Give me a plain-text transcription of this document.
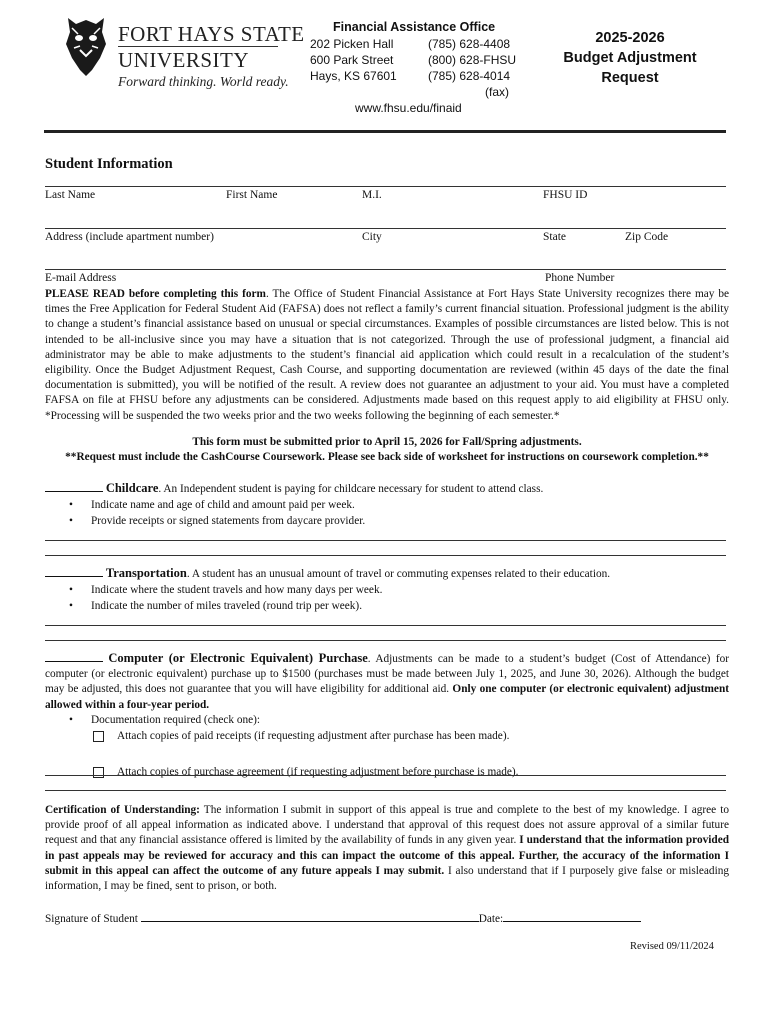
FORT HAYS STATE
UNIVERSITY
Forward thinking. World ready.
Financial Assistance Office
202 Picken Hall
600 Park Street
Hays, KS 67601
(785) 628-4408
(800) 628-FHSU
(785) 628-4014
(fax)
www.fhsu.edu/finaid
2025-2026
Budget Adjustment
Request
Student Information
Last Name	First Name	M.I.	FHSU ID
Address (include apartment number)	City	State	Zip Code
E-mail Address	Phone Number
PLEASE READ before completing this form. The Office of Student Financial Assistance at Fort Hays State University recognizes there may be times the Free Application for Federal Student Aid (FAFSA) does not reflect a family’s current financial situation. Professional judgment is the ability to change a student’s financial assistance based on unusual or special circumstances. Examples of possible circumstances are listed below. This is not intended to be all-inclusive since you may have a situation that is not categorized. Through the use of professional judgment, a financial aid administrator may be able to make adjustments to the student’s financial aid application which could result in a recalculation of the student’s eligibility. Once the Budget Adjustment Request, Cash Course, and supporting documentation are reviewed (within 45 days of the date the final documentation is submitted), you will be notified of the result. A review does not guarantee an adjustment to your aid. You must have a completed FAFSA on file at FHSU before any adjustments can be considered. Adjustments made based on this request apply to aid eligibility at FHSU only. *Processing will be suspended the two weeks prior and the two weeks following the beginning of each semester.*
This form must be submitted prior to April 15, 2026 for Fall/Spring adjustments.
**Request must include the CashCourse Coursework. Please see back side of worksheet for instructions on coursework completion.**
Childcare. An Independent student is paying for childcare necessary for student to attend class.
• Indicate name and age of child and amount paid per week.
• Provide receipts or signed statements from daycare provider.
Transportation. A student has an unusual amount of travel or commuting expenses related to their education.
• Indicate where the student travels and how many days per week.
• Indicate the number of miles traveled (round trip per week).
Computer (or Electronic Equivalent) Purchase. Adjustments can be made to a student’s budget (Cost of Attendance) for computer (or electronic equivalent) purchase up to $1500 (purchases must be made between July 1, 2025, and June 30, 2026). Although the budget may be adjusted, this does not guarantee that you will have eligibility for additional aid. Only one computer (or electronic equivalent) adjustment allowed within a four-year period.
• Documentation required (check one):
Attach copies of paid receipts (if requesting adjustment after purchase has been made).
Attach copies of purchase agreement (if requesting adjustment before purchase is made).
Certification of Understanding: The information I submit in support of this appeal is true and complete to the best of my knowledge. I agree to provide proof of all appeal information as indicated above. I understand that approval of this request does not assure approval of a similar future request and that any financial assistance offered is limited by the availability of funds in any given year. I understand that the information provided in past appeals may be reviewed for accuracy and this can impact the outcome of this appeal. Further, the accuracy of the information I submit in this appeal can affect the outcome of any future appeals I may submit. I also understand that if I purposely give false or misleading information, I may be fined, sent to prison, or both.
Signature of Student	Date:
Revised 09/11/2024
